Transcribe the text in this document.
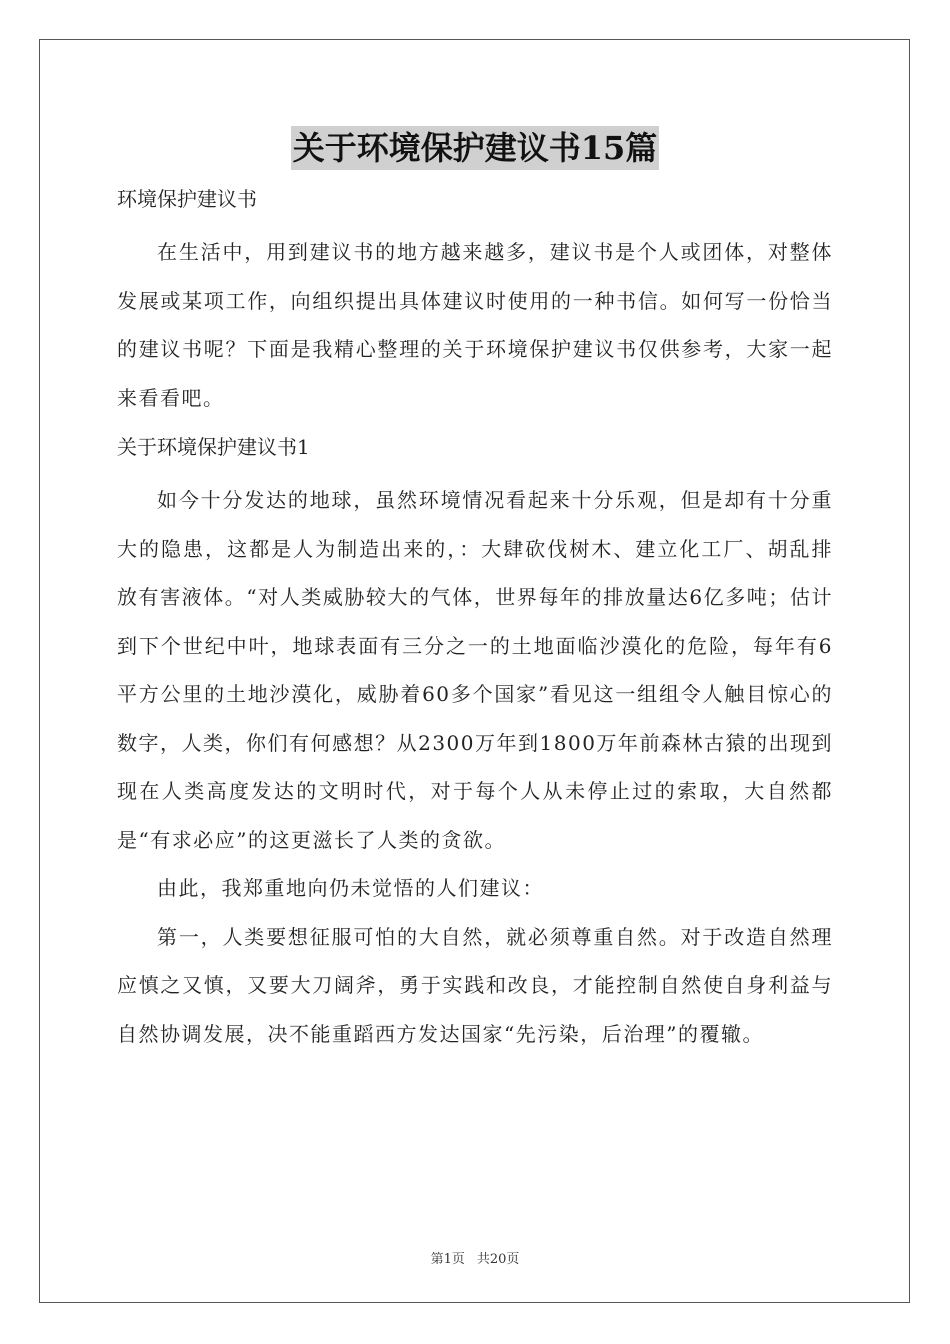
关于环境保护建议书15篇

环境保护建议书

在生活中，用到建议书的地方越来越多，建议书是个人或团体，对整体发展或某项工作，向组织提出具体建议时使用的一种书信。如何写一份恰当的建议书呢？下面是我精心整理的关于环境保护建议书仅供参考，大家一起来看看吧。

关于环境保护建议书1

如今十分发达的地球，虽然环境情况看起来十分乐观，但是却有十分重大的隐患，这都是人为制造出来的，：大肆砍伐树木、建立化工厂、胡乱排放有害液体。“对人类威胁较大的气体，世界每年的排放量达6亿多吨；估计到下个世纪中叶，地球表面有三分之一的土地面临沙漠化的危险，每年有6平方公里的土地沙漠化，威胁着60多个国家”看见这一组组令人触目惊心的数字，人类，你们有何感想？从2300万年到1800万年前森林古猿的出现到现在人类高度发达的文明时代，对于每个人从未停止过的索取，大自然都是“有求必应”的这更滋长了人类的贪欲。

由此，我郑重地向仍未觉悟的人们建议：

第一，人类要想征服可怕的大自然，就必须尊重自然。对于改造自然理应慎之又慎，又要大刀阔斧，勇于实践和改良，才能控制自然使自身利益与自然协调发展，决不能重蹈西方发达国家“先污染，后治理”的覆辙。

第1页 共20页
